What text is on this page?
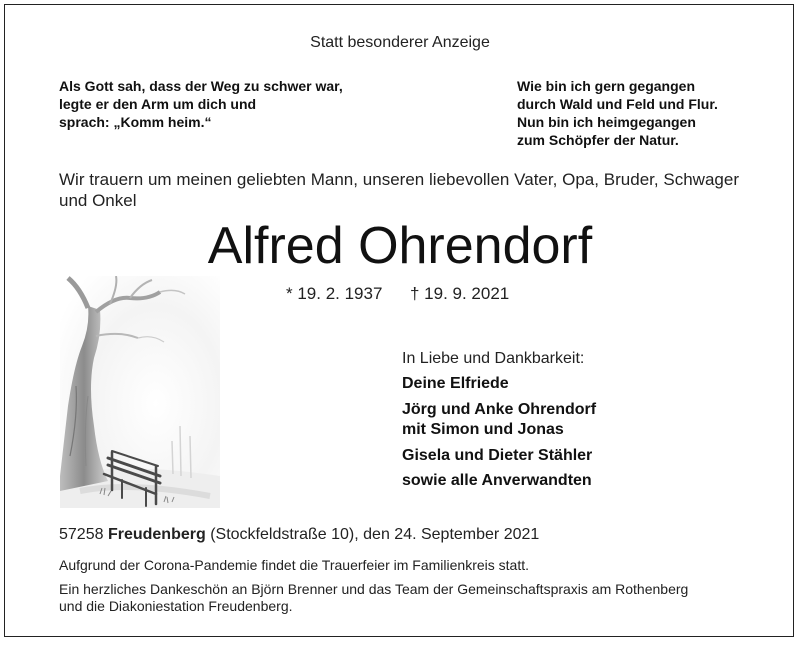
Statt besonderer Anzeige

Als Gott sah, dass der Weg zu schwer war,
legte er den Arm um dich und
sprach: „Komm heim.“
Wie bin ich gern gegangen
durch Wald und Feld und Flur.
Nun bin ich heimgegangen
zum Schöpfer der Natur.

Wir trauern um meinen geliebten Mann, unseren liebevollen Vater, Opa, Bruder, Schwager und Onkel

Alfred Ohrendorf

* 19. 2. 1937 † 19. 9. 2021
In Liebe und Dankbarkeit:
Deine Elfriede
Jörg und Anke Ohrendorf
mit Simon und Jonas
Gisela und Dieter Stähler
sowie alle Anverwandten

57258 Freudenberg (Stockfeldstraße 10), den 24. September 2021

Aufgrund der Corona-Pandemie findet die Trauerfeier im Familienkreis statt.

Ein herzliches Dankeschön an Björn Brenner und das Team der Gemeinschaftspraxis am Rothenberg
und die Diakoniestation Freudenberg.
